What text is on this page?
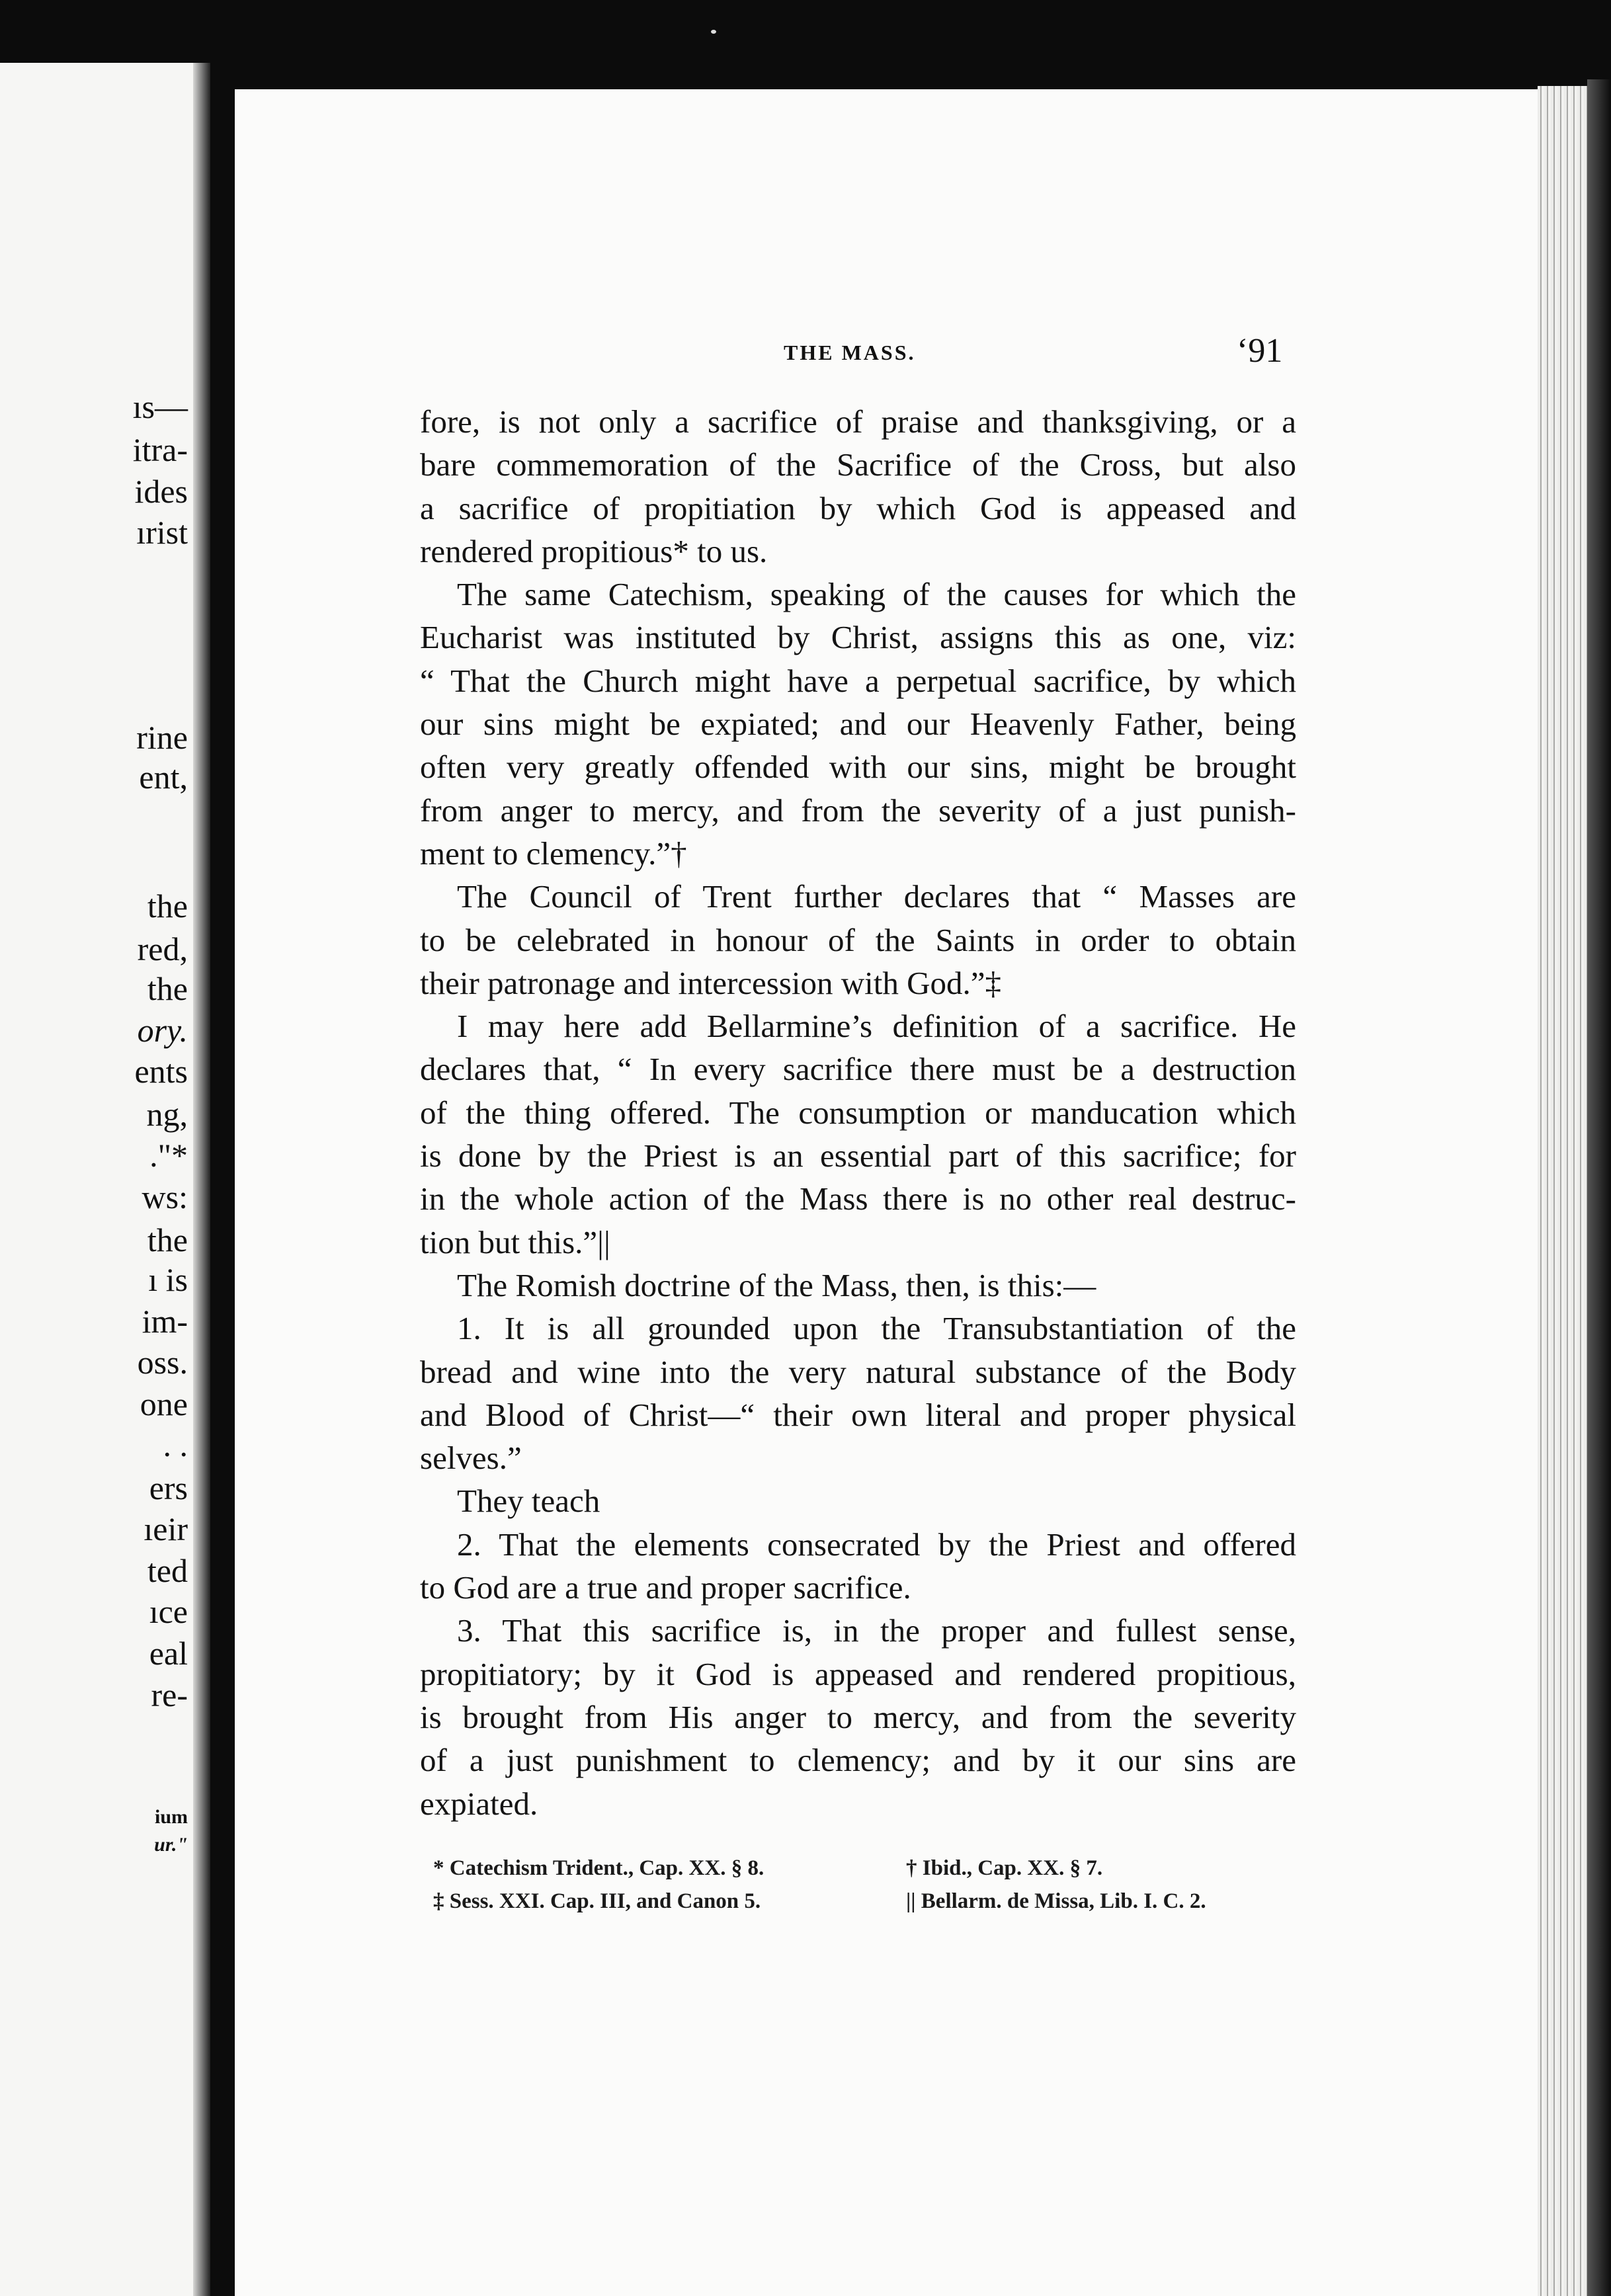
ıs—
itra-
ides
ırist
rine
ent,
the
red,
the
ory.
ents
ng,
."*
ws:
the
ı is
im-
oss.
one
. .
ers
ıeir
ted
ıce
eal
re-
ium
ur."
THE MASS.	‘91

fore, is not only a sacrifice of praise and thanksgiving, or a
bare commemoration of the Sacrifice of the Cross, but also
a sacrifice of propitiation by which God is appeased and
rendered propitious* to us.

The same Catechism, speaking of the causes for which the
Eucharist was instituted by Christ, assigns this as one, viz:
“ That the Church might have a perpetual sacrifice, by which
our sins might be expiated; and our Heavenly Father, being
often very greatly offended with our sins, might be brought
from anger to mercy, and from the severity of a just punish-
ment to clemency.”†

The Council of Trent further declares that “ Masses are
to be celebrated in honour of the Saints in order to obtain
their patronage and intercession with God.”‡

I may here add Bellarmine’s definition of a sacrifice. He
declares that, “ In every sacrifice there must be a destruction
of the thing offered. The consumption or manducation which
is done by the Priest is an essential part of this sacrifice; for
in the whole action of the Mass there is no other real destruc-
tion but this.”||

The Romish doctrine of the Mass, then, is this:—

1. It is all grounded upon the Transubstantiation of the
bread and wine into the very natural substance of the Body
and Blood of Christ—“ their own literal and proper physical
selves.”

They teach

2. That the elements consecrated by the Priest and offered
to God are a true and proper sacrifice.

3. That this sacrifice is, in the proper and fullest sense,
propitiatory; by it God is appeased and rendered propitious,
is brought from His anger to mercy, and from the severity
of a just punishment to clemency; and by it our sins are
expiated.

* Catechism Trident., Cap. XX. § 8.
‡ Sess. XXI. Cap. III, and Canon 5.
† Ibid., Cap. XX. § 7.
|| Bellarm. de Missa, Lib. I. C. 2.
